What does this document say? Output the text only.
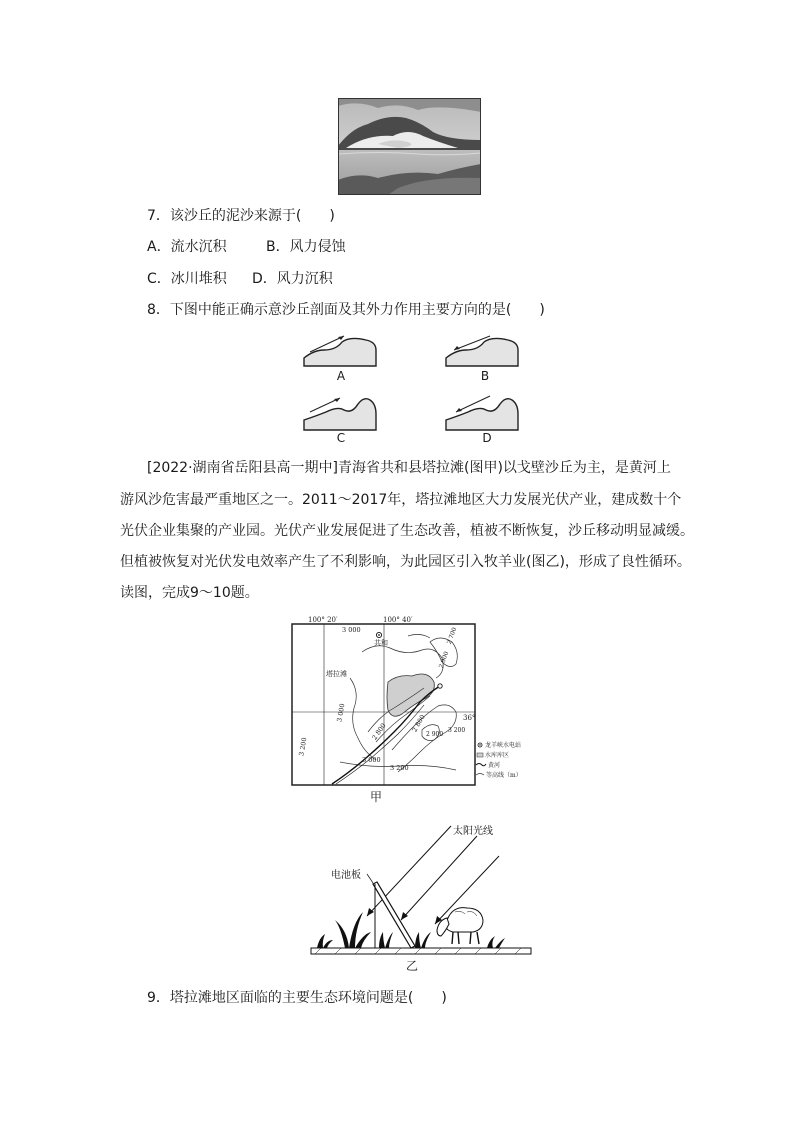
7．该沙丘的泥沙来源于(　　)
A．流水沉积	B．风力侵蚀
C．冰川堆积 D．风力沉积
8．下图中能正确示意沙丘剖面及其外力作用主要方向的是(　　)
A	B
C	D
[2022·湖南省岳阳县高一期中]青海省共和县塔拉滩(图甲)以戈壁沙丘为主，是黄河上
游风沙危害最严重地区之一。2011～2017年，塔拉滩地区大力发展光伏产业，建成数十个
光伏企业集聚的产业园。光伏产业发展促进了生态改善，植被不断恢复，沙丘移动明显减缓。
但植被恢复对光伏发电效率产生了不利影响，为此园区引入牧羊业(图乙)，形成了良性循环。
读图，完成9～10题。
100° 20′	100° 40′
36°
共和
塔拉滩
3 000
3 000
3 000
3 200
3 200
2 800	2 800
2 900
2 700
2 900
3 200
龙羊峡水电站
水库库区
黄河
等高线（m）
甲
太阳光线
电池板
乙
9．塔拉滩地区面临的主要生态环境问题是(　　)
